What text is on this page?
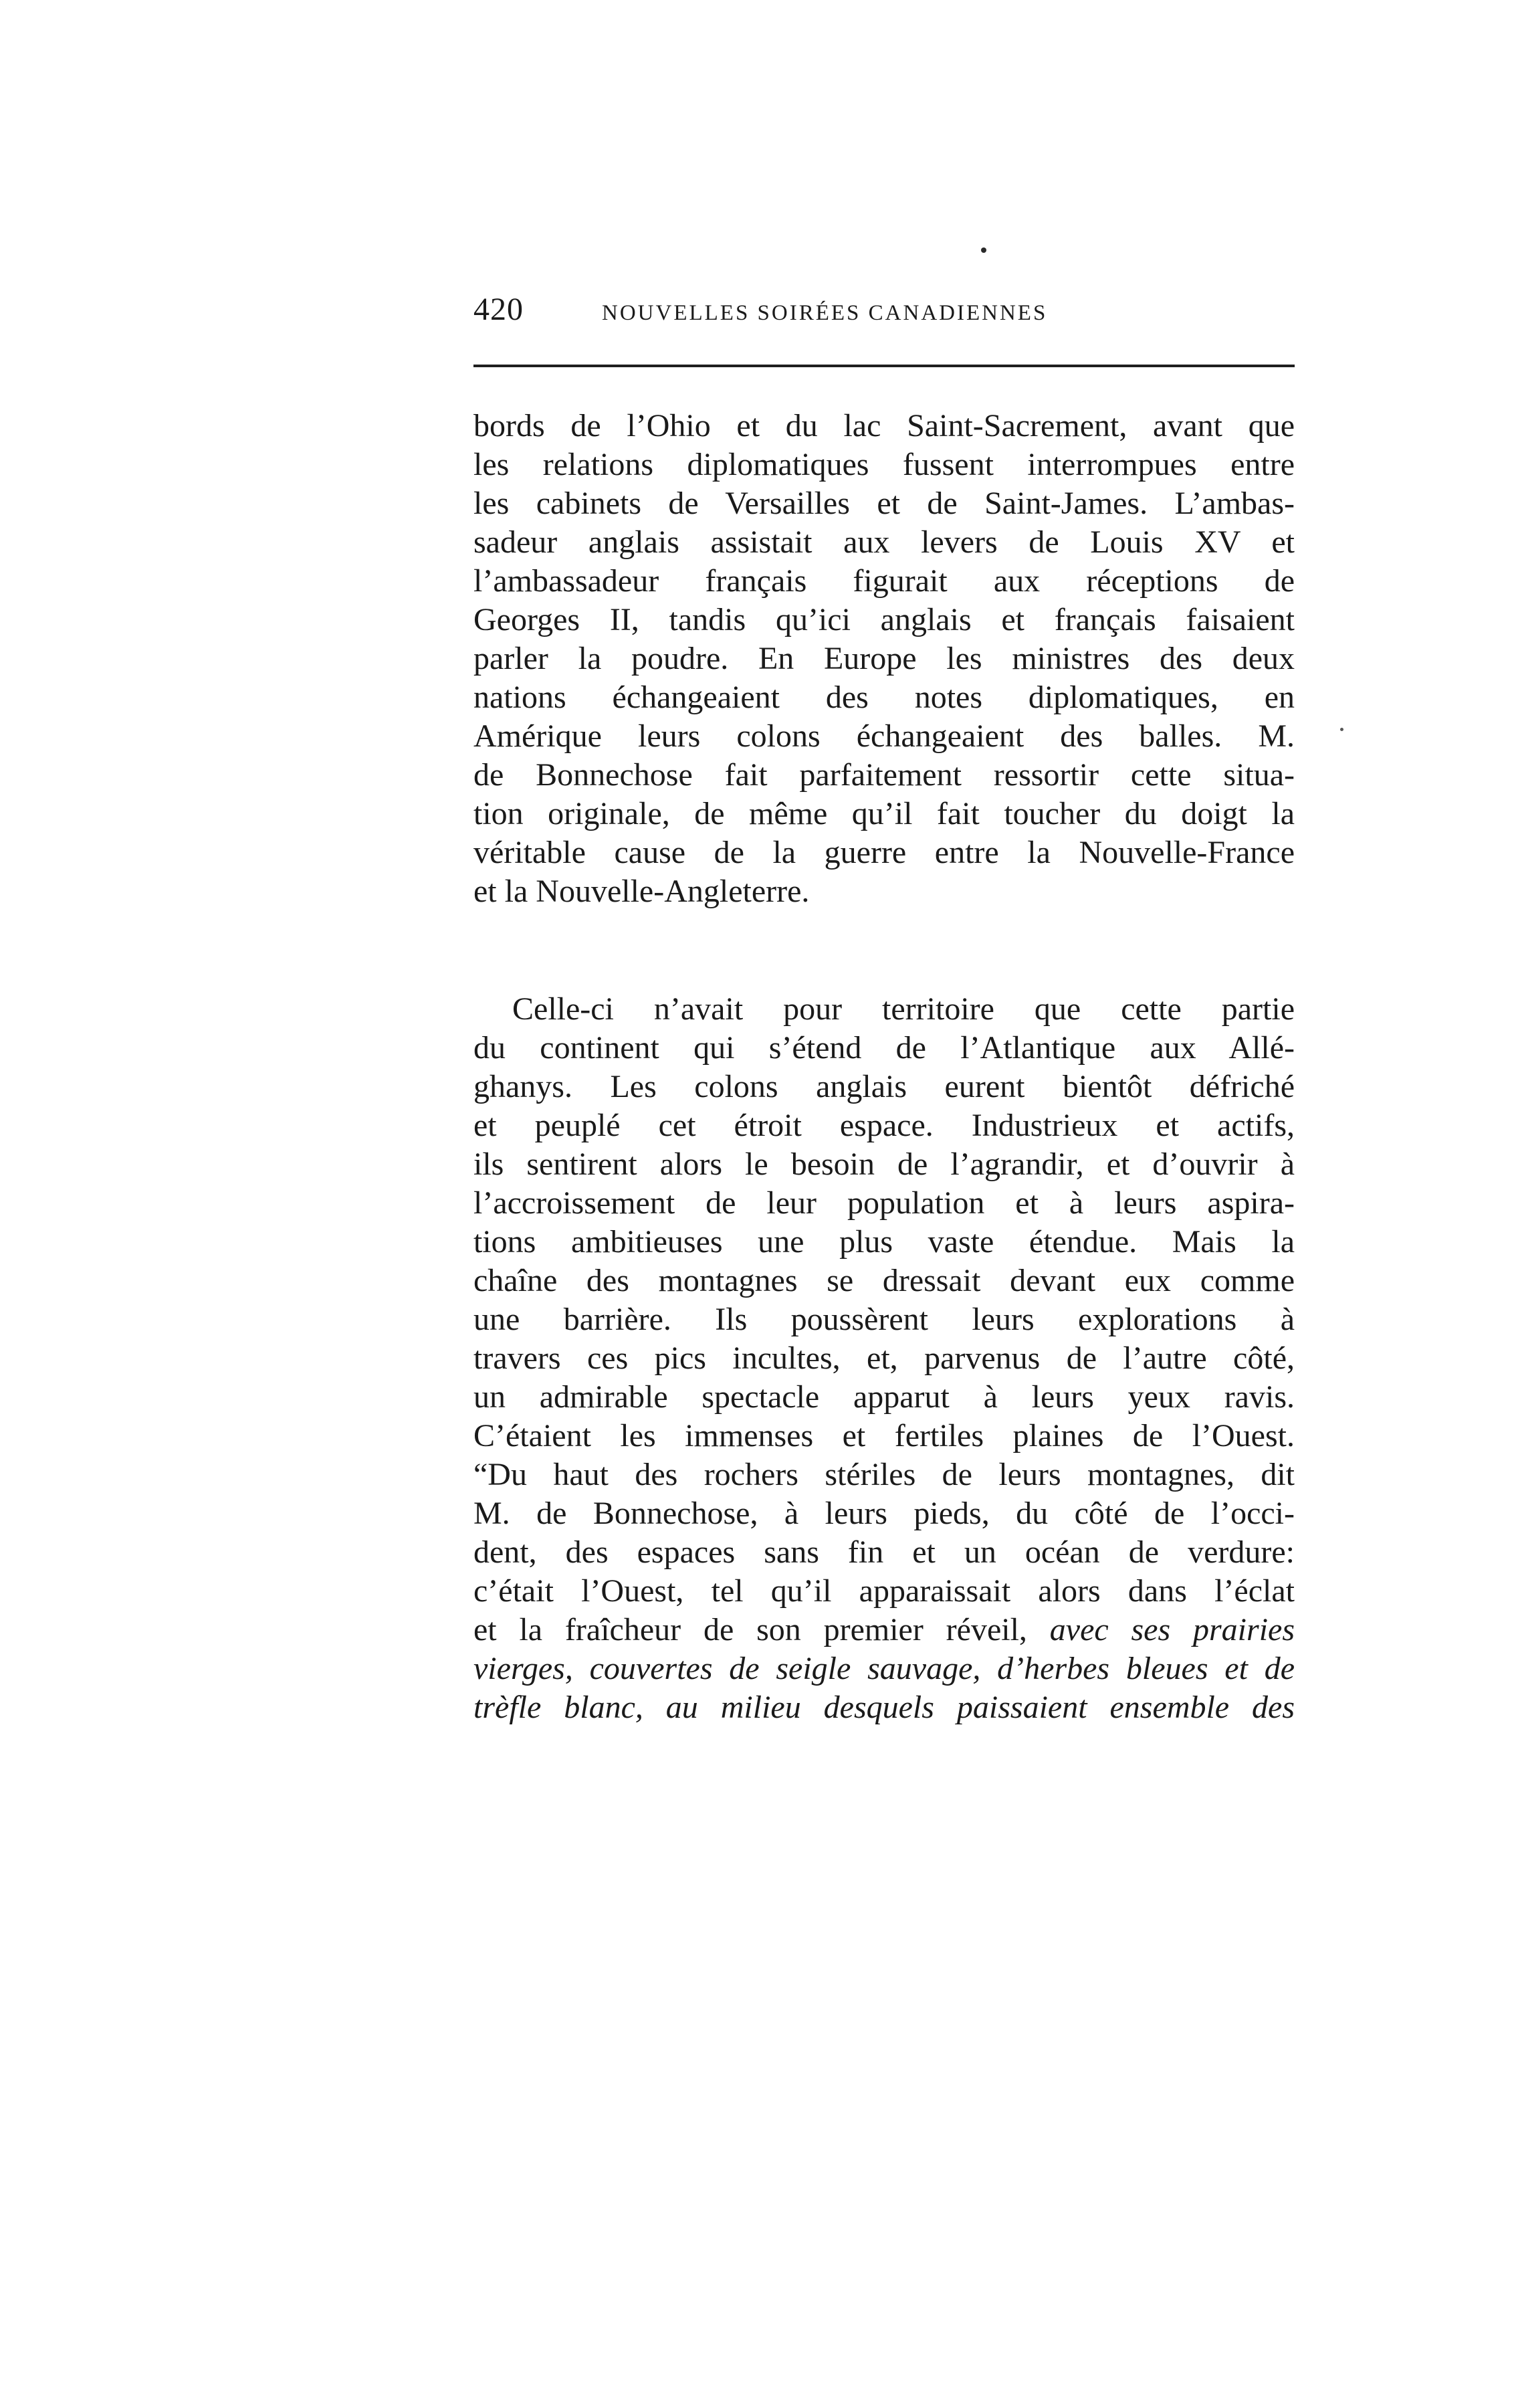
420	NOUVELLES SOIRÉES CANADIENNES
bords de l’Ohio et du lac Saint-Sacrement, avant que
les relations diplomatiques fussent interrompues entre
les cabinets de Versailles et de Saint-James. L’ambas-
sadeur anglais assistait aux levers de Louis XV et
l’ambassadeur français figurait aux réceptions de
Georges II, tandis qu’ici anglais et français faisaient
parler la poudre. En Europe les ministres des deux
nations échangeaient des notes diplomatiques, en
Amérique leurs colons échangeaient des balles. M.
de Bonnechose fait parfaitement ressortir cette situa-
tion originale, de même qu’il fait toucher du doigt la
véritable cause de la guerre entre la Nouvelle-France
et la Nouvelle-Angleterre.
Celle-ci n’avait pour territoire que cette partie
du continent qui s’étend de l’Atlantique aux Allé-
ghanys. Les colons anglais eurent bientôt défriché
et peuplé cet étroit espace. Industrieux et actifs,
ils sentirent alors le besoin de l’agrandir, et d’ouvrir à
l’accroissement de leur population et à leurs aspira-
tions ambitieuses une plus vaste étendue. Mais la
chaîne des montagnes se dressait devant eux comme
une barrière. Ils poussèrent leurs explorations à
travers ces pics incultes, et, parvenus de l’autre côté,
un admirable spectacle apparut à leurs yeux ravis.
C’étaient les immenses et fertiles plaines de l’Ouest.
“Du haut des rochers stériles de leurs montagnes, dit
M. de Bonnechose, à leurs pieds, du côté de l’occi-
dent, des espaces sans fin et un océan de verdure:
c’était l’Ouest, tel qu’il apparaissait alors dans l’éclat
et la fraîcheur de son premier réveil, avec ses prairies
vierges, couvertes de seigle sauvage, d’herbes bleues et de
trèfle blanc, au milieu desquels paissaient ensemble des
